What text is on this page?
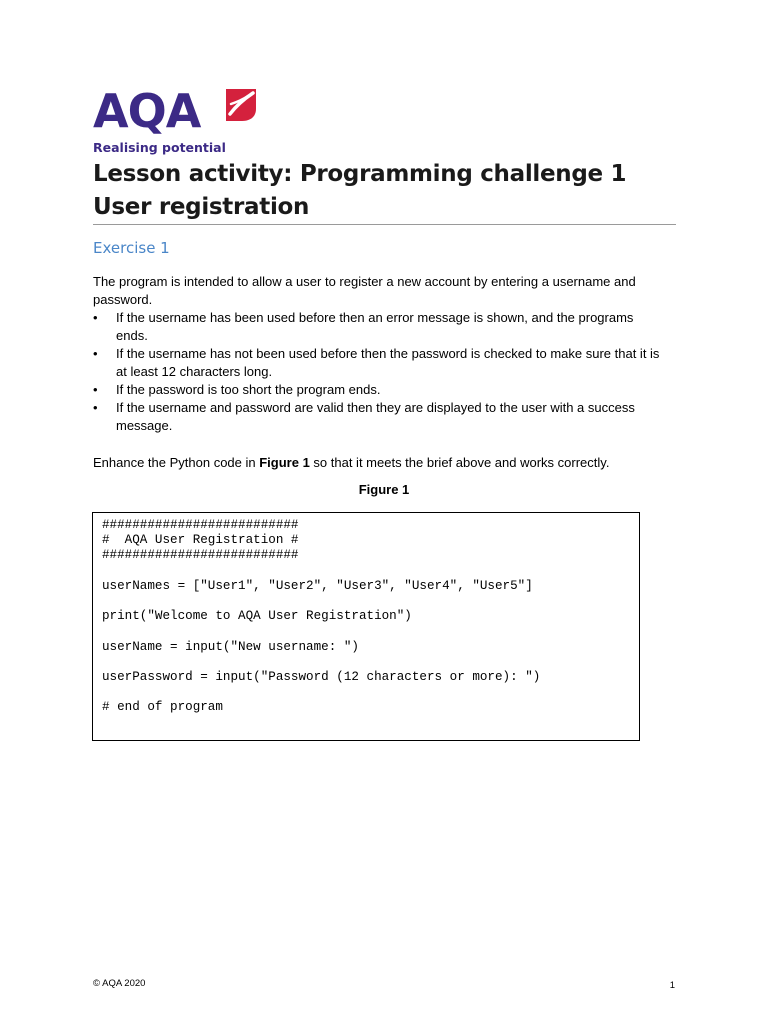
AQA
Realising potential
Lesson activity: Programming challenge 1
User registration
Exercise 1

The program is intended to allow a user to register a new account by entering a username and password.

• If the username has been used before then an error message is shown, and the programs ends.
• If the username has not been used before then the password is checked to make sure that it is at least 12 characters long.
• If the password is too short the program ends.
• If the username and password are valid then they are displayed to the user with a success message.

Enhance the Python code in Figure 1 so that it meets the brief above and works correctly.

Figure 1
##########################
#  AQA User Registration #
##########################
userNames = ["User1", "User2", "User3", "User4", "User5"]
print("Welcome to AQA User Registration")
userName = input("New username: ")
userPassword = input("Password (12 characters or more): ")
# end of program
© AQA 2020	1
